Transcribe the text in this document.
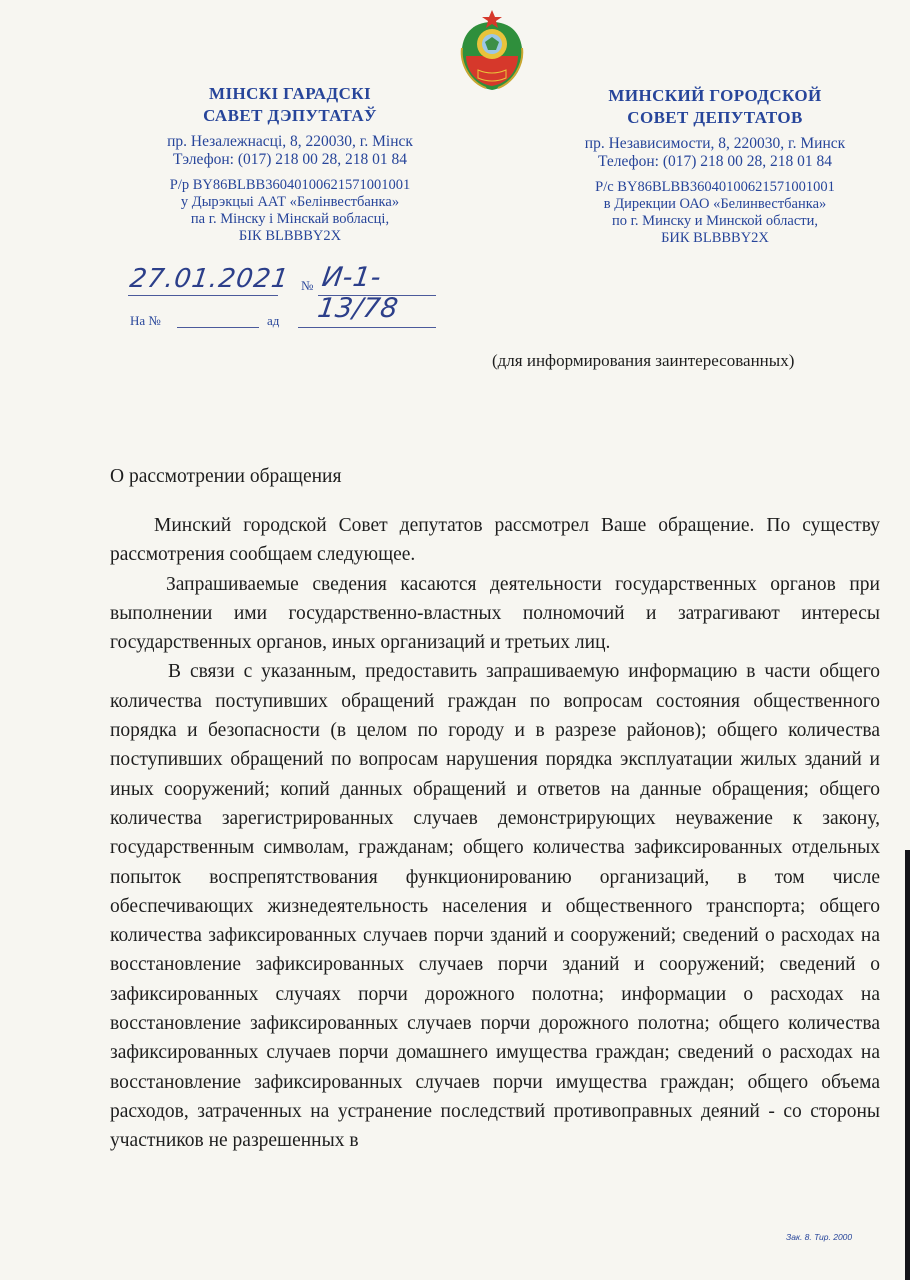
МІНСКІ ГАРАДСКІ
САВЕТ ДЭПУТАТАЎ
пр. Незалежнасці, 8, 220030, г. Мінск
Тэлефон: (017) 218 00 28, 218 01 84
Р/р BY86BLBB36040100621571001001
у Дырэкцыі ААТ «Белінвестбанка»
па г. Мінску і Мінскай вобласці,
БІК BLBBBY2X
МИНСКИЙ ГОРОДСКОЙ
СОВЕТ ДЕПУТАТОВ
пр. Независимости, 8, 220030, г. Минск
Телефон: (017) 218 00 28, 218 01 84
Р/с BY86BLBB36040100621571001001
в Дирекции ОАО «Белинвестбанка»
по г. Минску и Минской области,
БИК BLBBBY2X
27.01.2021 № И-1-13/78
На №	ад
(для информирования заинтересованных)
О рассмотрении обращения

Минский городской Совет депутатов рассмотрел Ваше обращение. По существу рассмотрения сообщаем следующее.

Запрашиваемые сведения касаются деятельности государственных органов при выполнении ими государственно-властных полномочий и затрагивают интересы государственных органов, иных организаций и третьих лиц.

В связи с указанным, предоставить запрашиваемую информацию в части общего количества поступивших обращений граждан по вопросам состояния общественного порядка и безопасности (в целом по городу и в разрезе районов); общего количества поступивших обращений по вопросам нарушения порядка эксплуатации жилых зданий и иных сооружений; копий данных обращений и ответов на данные обращения; общего количества зарегистрированных случаев демонстрирующих неуважение к закону, государственным символам, гражданам; общего количества зафиксированных отдельных попыток воспрепятствования функционированию организаций, в том числе обеспечивающих жизнедеятельность населения и общественного транспорта; общего количества зафиксированных случаев порчи зданий и сооружений; сведений о расходах на восстановление зафиксированных случаев порчи зданий и сооружений; сведений о зафиксированных случаях порчи дорожного полотна; информации о расходах на восстановление зафиксированных случаев порчи дорожного полотна; общего количества зафиксированных случаев порчи домашнего имущества граждан; сведений о расходах на восстановление зафиксированных случаев порчи имущества граждан; общего объема расходов, затраченных на устранение последствий противоправных деяний - со стороны участников не разрешенных в

Зак. 8. Тир. 2000
